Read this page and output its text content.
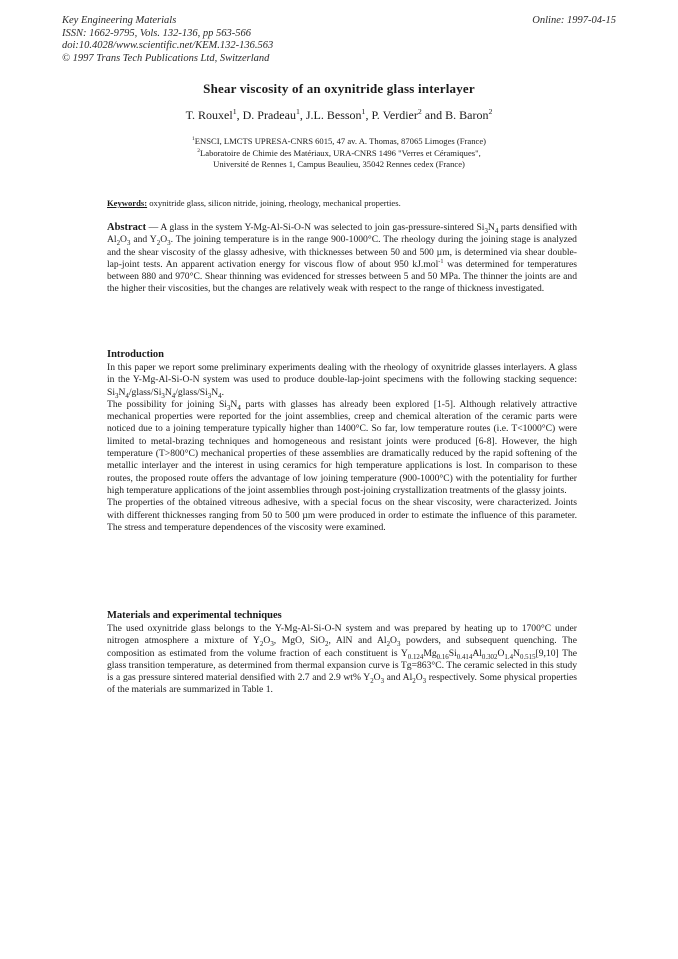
Key Engineering Materials
ISSN: 1662-9795, Vols. 132-136, pp 563-566
doi:10.4028/www.scientific.net/KEM.132-136.563
© 1997 Trans Tech Publications Ltd, Switzerland
Online: 1997-04-15
Shear viscosity of an oxynitride glass interlayer
T. Rouxel$^1$, D. Pradeau$^1$, J.L. Besson$^1$, P. Verdier$^2$ and B. Baron$^2$
$^1$ENSCI, LMCTS UPRESA-CNRS 6015, 47 av. A. Thomas, 87065 Limoges (France)
$^2$Laboratoire de Chimie des Matériaux, URA-CNRS 1496 "Verres et Céramiques",
Université de Rennes 1, Campus Beaulieu, 35042 Rennes cedex (France)
Keywords: oxynitride glass, silicon nitride, joining, rheology, mechanical properties.

Abstract — A glass in the system Y-Mg-Al-Si-O-N was selected to join gas-pressure-sintered $Si_3N_4$ parts densified with $Al_2O_3$ and $Y_2O_3$. The joining temperature is in the range 900-1000°C. The rheology during the joining stage is analyzed and the shear viscosity of the glassy adhesive, with thicknesses between 50 and 500 µm, is determined via shear double-lap-joint tests. An apparent activation energy for viscous flow of about 950 kJ.mol$^{-1}$ was determined for temperatures between 880 and 970°C. Shear thinning was evidenced for stresses between 5 and 50 MPa. The thinner the joints are and the higher their viscosities, but the changes are relatively weak with respect to the range of thickness investigated.

Introduction

In this paper we report some preliminary experiments dealing with the rheology of oxynitride glasses interlayers. A glass in the Y-Mg-Al-Si-O-N system was used to produce double-lap-joint specimens with the following stacking sequence: $Si_3N_4/glass/Si_3N_4/glass/Si_3N_4$.

The possibility for joining $Si_3N_4$ parts with glasses has already been explored [1-5]. Although relatively attractive mechanical properties were reported for the joint assemblies, creep and chemical alteration of the ceramic parts were noticed due to a joining temperature typically higher than 1400°C. So far, low temperature routes (i.e. T<1000°C) were limited to metal-brazing techniques and homogeneous and resistant joints were produced [6-8]. However, the high temperature (T>800°C) mechanical properties of these assemblies are dramatically reduced by the rapid softening of the metallic interlayer and the interest in using ceramics for high temperature applications is lost. In comparison to these routes, the proposed route offers the advantage of low joining temperature (900-1000°C) with the potentiality for further high temperature applications of the joint assemblies through post-joining crystallization treatments of the glassy joints.

The properties of the obtained vitreous adhesive, with a special focus on the shear viscosity, were characterized. Joints with different thicknesses ranging from 50 to 500 µm were produced in order to estimate the influence of this parameter. The stress and temperature dependences of the viscosity were examined.

Materials and experimental techniques

The used oxynitride glass belongs to the Y-Mg-Al-Si-O-N system and was prepared by heating up to 1700°C under nitrogen atmosphere a mixture of $Y_2O_3$, MgO, SiO$_2$, AlN and $Al_2O_3$ powders, and subsequent quenching. The composition as estimated from the volume fraction of each constituent is $Y_{0.124}Mg_{0.16}Si_{0.414}Al_{0.302}O_{1.4}N_{0.515}[9,10]$ The glass transition temperature, as determined from thermal expansion curve is Tg=863°C. The ceramic selected in this study is a gas pressure sintered material densified with 2.7 and 2.9 wt% $Y_2O_3$ and $Al_2O_3$ respectively. Some physical properties of the materials are summarized in Table 1.
